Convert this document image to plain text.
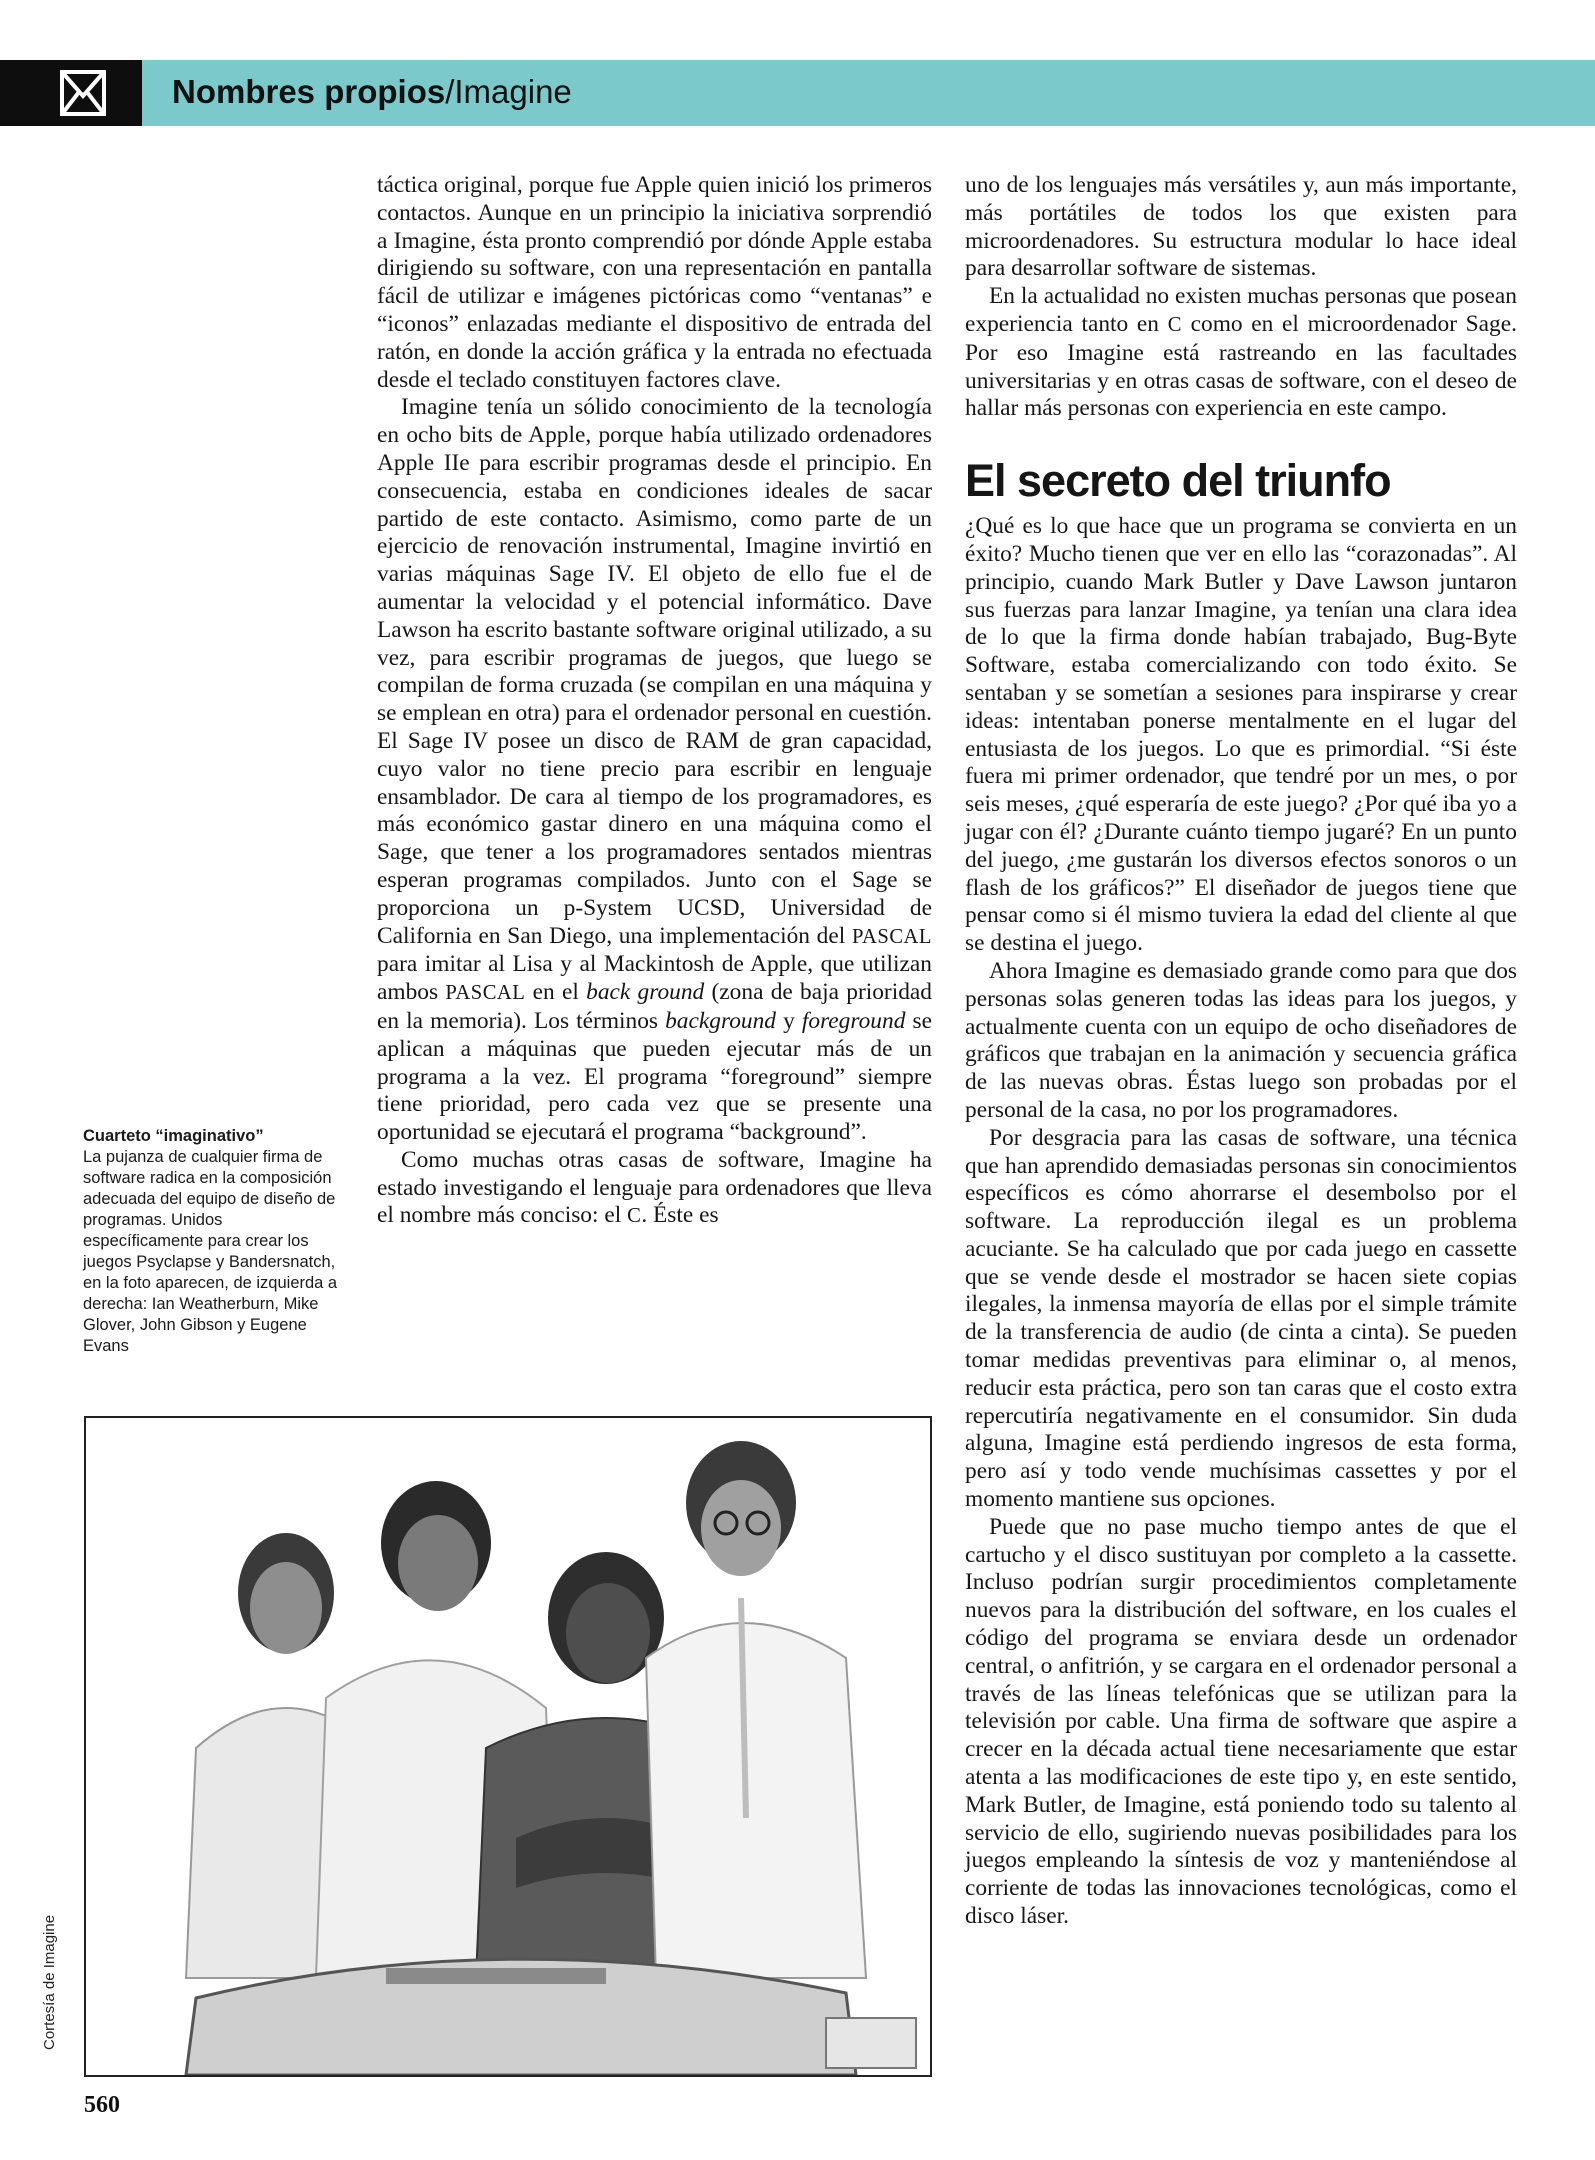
Nombres propios/Imagine

táctica original, porque fue Apple quien inició los primeros contactos. Aunque en un principio la iniciativa sorprendió a Imagine, ésta pronto comprendió por dónde Apple estaba dirigiendo su software, con una representación en pantalla fácil de utilizar e imágenes pictóricas como “ventanas” e “iconos” enlazadas mediante el dispositivo de entrada del ratón, en donde la acción gráfica y la entrada no efectuada desde el teclado constituyen factores clave.

Imagine tenía un sólido conocimiento de la tecnología en ocho bits de Apple, porque había utilizado ordenadores Apple IIe para escribir programas desde el principio. En consecuencia, estaba en condiciones ideales de sacar partido de este contacto. Asimismo, como parte de un ejercicio de renovación instrumental, Imagine invirtió en varias máquinas Sage IV. El objeto de ello fue el de aumentar la velocidad y el potencial informático. Dave Lawson ha escrito bastante software original utilizado, a su vez, para escribir programas de juegos, que luego se compilan de forma cruzada (se compilan en una máquina y se emplean en otra) para el ordenador personal en cuestión. El Sage IV posee un disco de RAM de gran capacidad, cuyo valor no tiene precio para escribir en lenguaje ensamblador. De cara al tiempo de los programadores, es más económico gastar dinero en una máquina como el Sage, que tener a los programadores sentados mientras esperan programas compilados. Junto con el Sage se proporciona un p-System UCSD, Universidad de California en San Diego, una implementación del PASCAL para imitar al Lisa y al Mackintosh de Apple, que utilizan ambos PASCAL en el back ground (zona de baja prioridad en la memoria). Los términos background y foreground se aplican a máquinas que pueden ejecutar más de un programa a la vez. El programa “foreground” siempre tiene prioridad, pero cada vez que se presente una oportunidad se ejecutará el programa “background”.

Como muchas otras casas de software, Imagine ha estado investigando el lenguaje para ordenadores que lleva el nombre más conciso: el C. Éste es

uno de los lenguajes más versátiles y, aun más importante, más portátiles de todos los que existen para microordenadores. Su estructura modular lo hace ideal para desarrollar software de sistemas.

En la actualidad no existen muchas personas que posean experiencia tanto en C como en el microordenador Sage. Por eso Imagine está rastreando en las facultades universitarias y en otras casas de software, con el deseo de hallar más personas con experiencia en este campo.

El secreto del triunfo

¿Qué es lo que hace que un programa se convierta en un éxito? Mucho tienen que ver en ello las “corazonadas”. Al principio, cuando Mark Butler y Dave Lawson juntaron sus fuerzas para lanzar Imagine, ya tenían una clara idea de lo que la firma donde habían trabajado, Bug-Byte Software, estaba comercializando con todo éxito. Se sentaban y se sometían a sesiones para inspirarse y crear ideas: intentaban ponerse mentalmente en el lugar del entusiasta de los juegos. Lo que es primordial. “Si éste fuera mi primer ordenador, que tendré por un mes, o por seis meses, ¿qué esperaría de este juego? ¿Por qué iba yo a jugar con él? ¿Durante cuánto tiempo jugaré? En un punto del juego, ¿me gustarán los diversos efectos sonoros o un flash de los gráficos?” El diseñador de juegos tiene que pensar como si él mismo tuviera la edad del cliente al que se destina el juego.

Ahora Imagine es demasiado grande como para que dos personas solas generen todas las ideas para los juegos, y actualmente cuenta con un equipo de ocho diseñadores de gráficos que trabajan en la animación y secuencia gráfica de las nuevas obras. Éstas luego son probadas por el personal de la casa, no por los programadores.

Por desgracia para las casas de software, una técnica que han aprendido demasiadas personas sin conocimientos específicos es cómo ahorrarse el desembolso por el software. La reproducción ilegal es un problema acuciante. Se ha calculado que por cada juego en cassette que se vende desde el mostrador se hacen siete copias ilegales, la inmensa mayoría de ellas por el simple trámite de la transferencia de audio (de cinta a cinta). Se pueden tomar medidas preventivas para eliminar o, al menos, reducir esta práctica, pero son tan caras que el costo extra repercutiría negativamente en el consumidor. Sin duda alguna, Imagine está perdiendo ingresos de esta forma, pero así y todo vende muchísimas cassettes y por el momento mantiene sus opciones.

Puede que no pase mucho tiempo antes de que el cartucho y el disco sustituyan por completo a la cassette. Incluso podrían surgir procedimientos completamente nuevos para la distribución del software, en los cuales el código del programa se enviara desde un ordenador central, o anfitrión, y se cargara en el ordenador personal a través de las líneas telefónicas que se utilizan para la televisión por cable. Una firma de software que aspire a crecer en la década actual tiene necesariamente que estar atenta a las modificaciones de este tipo y, en este sentido, Mark Butler, de Imagine, está poniendo todo su talento al servicio de ello, sugiriendo nuevas posibilidades para los juegos empleando la síntesis de voz y manteniéndose al corriente de todas las innovaciones tecnológicas, como el disco láser.

Cuarteto “imaginativo”
La pujanza de cualquier firma de software radica en la composición adecuada del equipo de diseño de programas. Unidos específicamente para crear los juegos Psyclapse y Bandersnatch, en la foto aparecen, de izquierda a derecha: Ian Weatherburn, Mike Glover, John Gibson y Eugene Evans
Cortesía de Imagine
560
